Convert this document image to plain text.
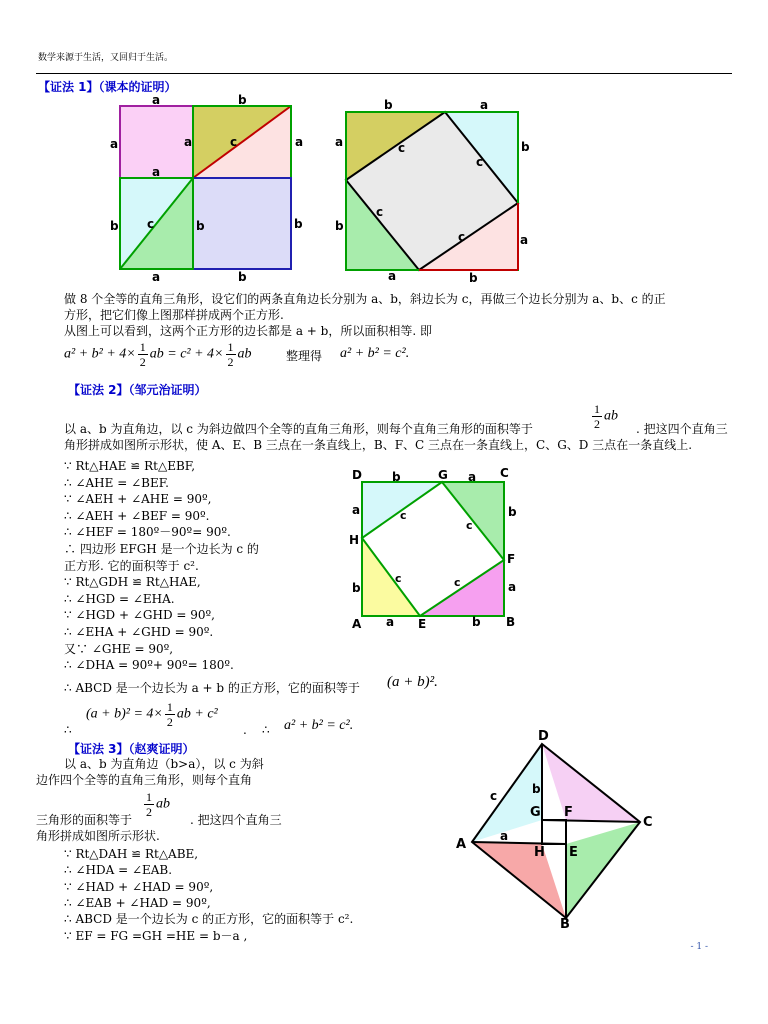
数学来源于生活，又回归于生活。
【证法 1】（课本的证明）
a	b
a	a	a
c
a
b	b	b
c
a	b
b	a
a	b
c
c
c
c
b
a
a	b
做 8 个全等的直角三角形，设它们的两条直角边长分别为 a、b，斜边长为 c，再做三个边长分别为 a、b、c 的正
方形，把它们像上图那样拼成两个正方形.
从图上可以看到，这两个正方形的边长都是 a + b，所以面积相等. 即
$a^2 + b^2 + 4\times \frac{1}{2}$ ab = $c^2 + 4\times \frac{1}{2}$ ab	整理得 a² + b² = c².
【证法 2】（邹元治证明）
以 a、b 为直角边，以 c 为斜边做四个全等的直角三角形，则每个直角三角形的面积等于	$\frac{1}{2}$ ab
. 把这四个直角三
角形拼成如图所示形状，使 A、E、B 三点在一条直线上，B、F、C 三点在一条直线上，C、G、D 三点在一条直线上.
∵ Rt△HAE ≌ Rt△EBF,
∴ ∠AHE = ∠BEF.
∵ ∠AEH + ∠AHE = 90º,
∴ ∠AEH + ∠BEF = 90º.
∴ ∠HEF = 180º－90º= 90º.
∴ 四边形 EFGH 是一个边长为 c 的
正方形. 它的面积等于 c².
∵ Rt△GDH ≌ Rt△HAE,
∴ ∠HGD = ∠EHA.
∵ ∠HGD + ∠GHD = 90º,
∴ ∠EHA + ∠GHD = 90º.
又∵ ∠GHE = 90º,
∴ ∠DHA = 90º+ 90º= 180º.
D	b	G a C
a	b
c
c
H
F
b
c	c	a
A a E	b B
∴ ABCD 是一个边长为 a + b 的正方形，它的面积等于 (a + b)².
$(a + b)^2 = 4\times \frac{1}{2}$ ab + c²
∴	. ∴ a² + b² = c².
【证法 3】（赵爽证明）
以 a、b 为直角边（b>a），以 c 为斜
边作四个全等的直角三角形，则每个直角
三角形的面积等于
$\frac{1}{2}$ ab
. 把这四个直角三
角形拼成如图所示形状.
∵ Rt△DAH ≌ Rt△ABE,
∴ ∠HDA = ∠EAB.
∵ ∠HAD + ∠HAD = 90º,
∴ ∠EAB + ∠HAD = 90º,
∴ ABCD 是一个边长为 c 的正方形，它的面积等于 c².
∵ EF = FG =GH =HE = b－a ,
D
c	b
G F
C
a
A
H E
B
- 1 -
